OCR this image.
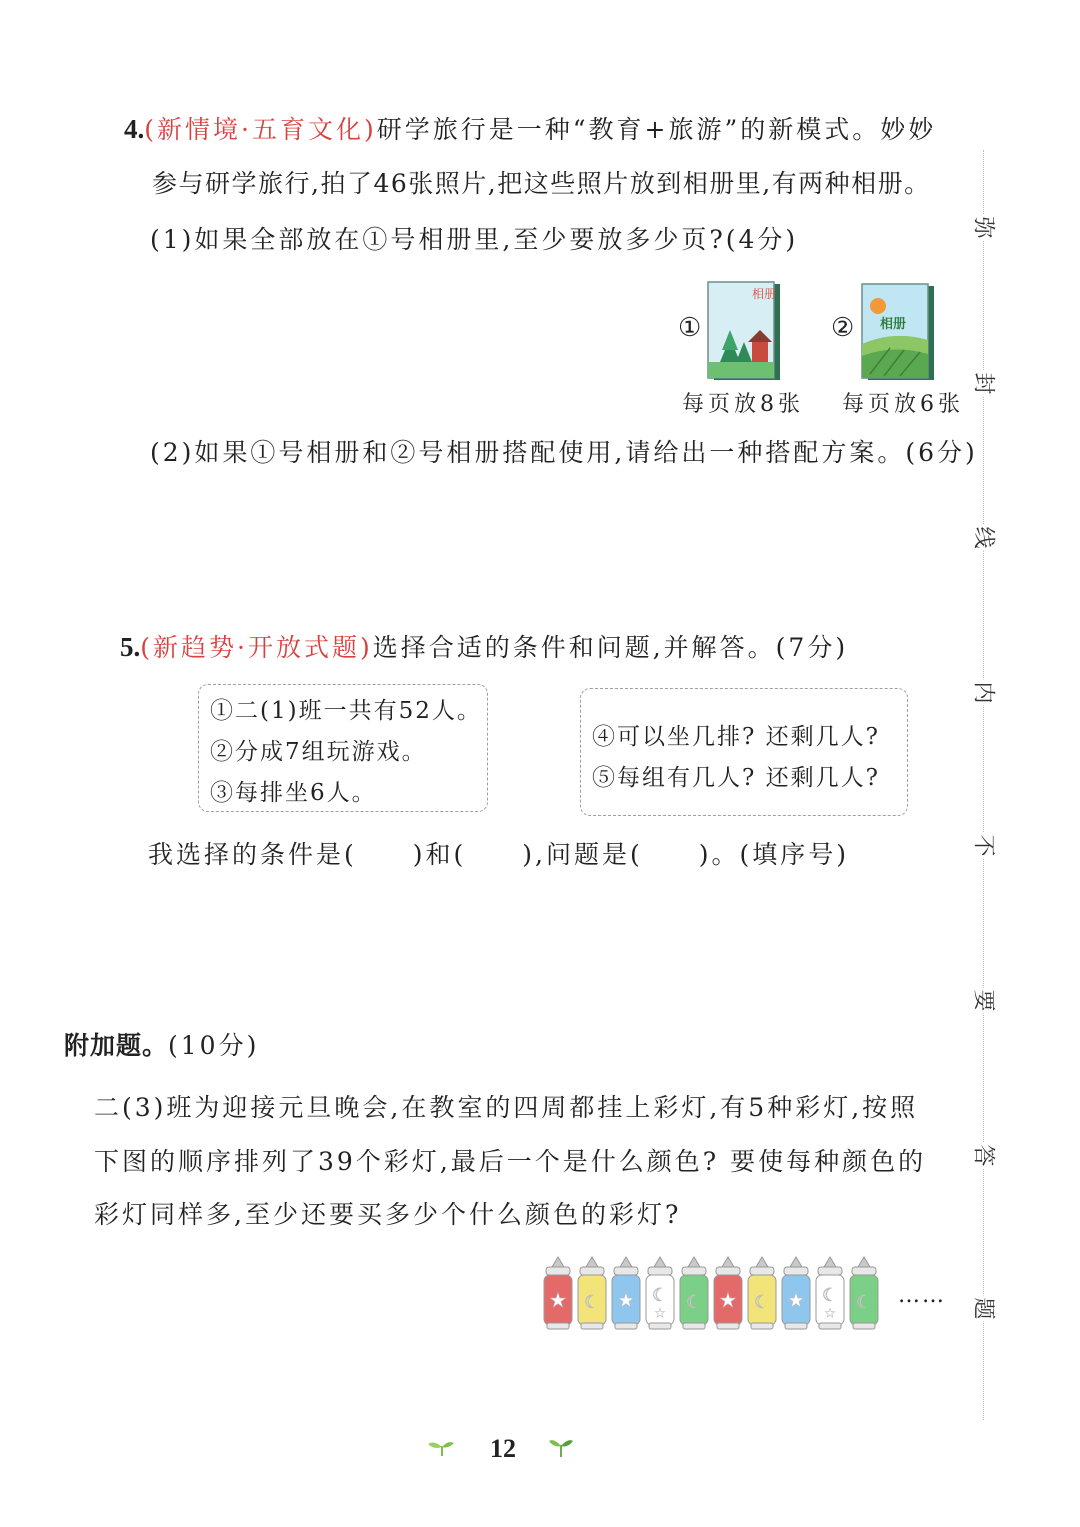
4.(新情境·五育文化)研学旅行是一种“教育+旅游”的新模式。妙妙
参与研学旅行,拍了46张照片,把这些照片放到相册里,有两种相册。
(1)如果全部放在①号相册里,至少要放多少页?(4分)
①
相册
每页放8张
② 相册
每页放6张
(2)如果①号相册和②号相册搭配使用,请给出一种搭配方案。(6分)
5.(新趋势·开放式题)选择合适的条件和问题,并解答。(7分)
①二(1)班一共有52人。
②分成7组玩游戏。
③每排坐6人。
④可以坐几排? 还剩几人?
⑤每组有几人? 还剩几人?
我选择的条件是(　　)和(　　),问题是(　　)。(填序号)
附加题。(10分)
二(3)班为迎接元旦晚会,在教室的四周都挂上彩灯,有5种彩灯,按照
下图的顺序排列了39个彩灯,最后一个是什么颜色? 要使每种颜色的
彩灯同样多,至少还要买多少个什么颜色的彩灯?
★ ☾ ★
★
☾ ☾ ★ ☾ ★
★
☾ ☾ ……
弥
封
线
内
不
要
答
题
12
